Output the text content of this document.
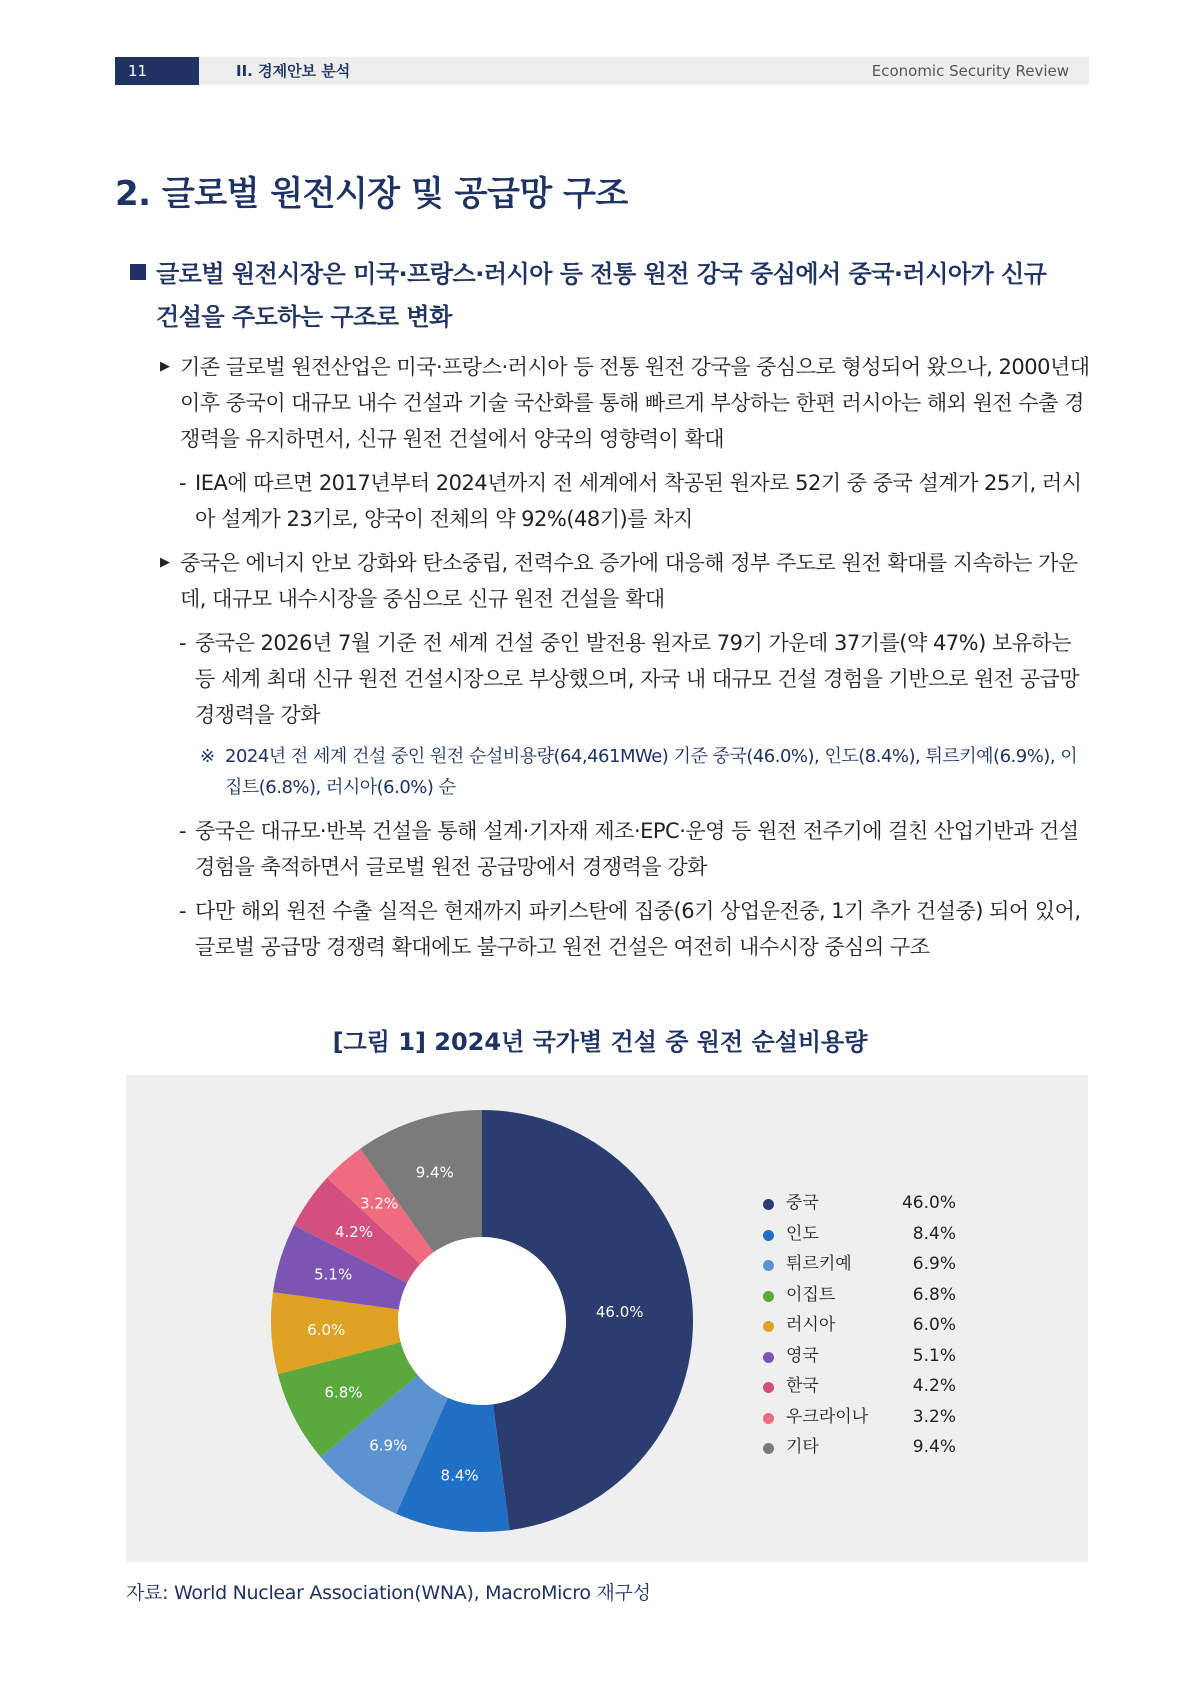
11	II. 경제안보 분석	Economic Security Review
2. 글로벌 원전시장 및 공급망 구조
글로벌 원전시장은 미국·프랑스·러시아 등 전통 원전 강국 중심에서 중국·러시아가 신규
건설을 주도하는 구조로 변화
▶ 기존 글로벌 원전산업은 미국·프랑스·러시아 등 전통 원전 강국을 중심으로 형성되어 왔으나, 2000년대 이후 중국이 대규모 내수 건설과 기술 국산화를 통해 빠르게 부상하는 한편 러시아는 해외 원전 수출 경쟁력을 유지하면서, 신규 원전 건설에서 양국의 영향력이 확대
- IEA에 따르면 2017년부터 2024년까지 전 세계에서 착공된 원자로 52기 중 중국 설계가 25기, 러시아 설계가 23기로, 양국이 전체의 약 92%(48기)를 차지
▶ 중국은 에너지 안보 강화와 탄소중립, 전력수요 증가에 대응해 정부 주도로 원전 확대를 지속하는 가운데, 대규모 내수시장을 중심으로 신규 원전 건설을 확대
- 중국은 2026년 7월 기준 전 세계 건설 중인 발전용 원자로 79기 가운데 37기를(약 47%) 보유하는 등 세계 최대 신규 원전 건설시장으로 부상했으며, 자국 내 대규모 건설 경험을 기반으로 원전 공급망 경쟁력을 강화
※ 2024년 전 세계 건설 중인 원전 순설비용량(64,461MWe) 기준 중국(46.0%), 인도(8.4%), 튀르키예(6.9%), 이집트(6.8%), 러시아(6.0%) 순
- 중국은 대규모·반복 건설을 통해 설계·기자재 제조·EPC·운영 등 원전 전주기에 걸친 산업기반과 건설 경험을 축적하면서 글로벌 원전 공급망에서 경쟁력을 강화
- 다만 해외 원전 수출 실적은 현재까지 파키스탄에 집중(6기 상업운전중, 1기 추가 건설중) 되어 있어, 글로벌 공급망 경쟁력 확대에도 불구하고 원전 건설은 여전히 내수시장 중심의 구조
[그림 1] 2024년 국가별 건설 중 원전 순설비용량
46.0%
8.4%
6.9%
6.8%
6.0%
5.1%
4.2%
3.2%
9.4%
중국	46.0%
인도	8.4%
튀르키예	6.9%
이집트	6.8%
러시아	6.0%
영국	5.1%
한국	4.2%
우크라이나	3.2%
기타	9.4%
자료: World Nuclear Association(WNA), MacroMicro 재구성
